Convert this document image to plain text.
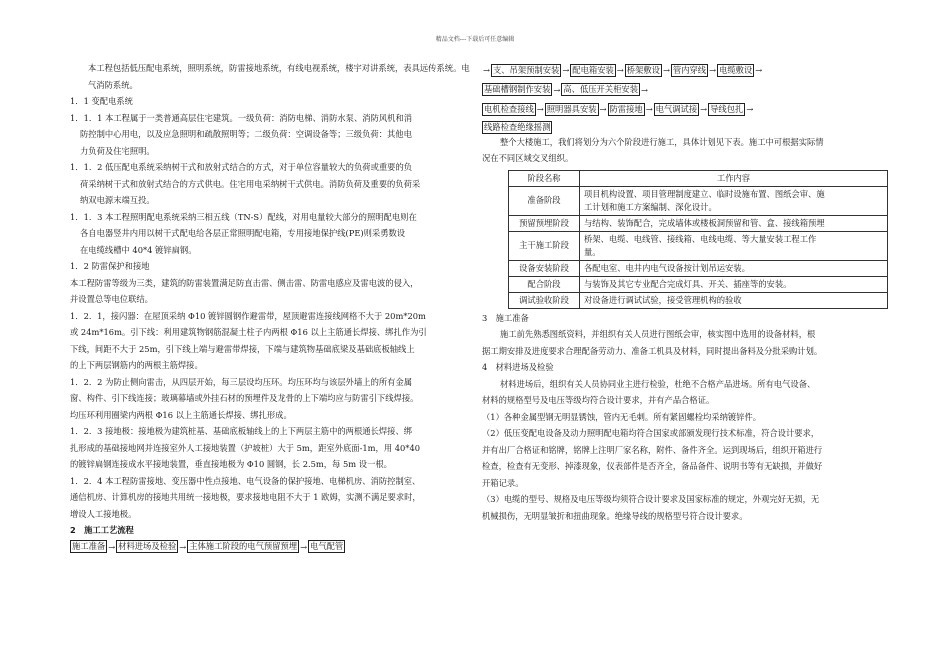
精品文档---下载后可任意编辑

本工程包括低压配电系统，照明系统，防雷接地系统，有线电视系统，楼宇对讲系统，表具远传系统。电气消防系统。

1．1 变配电系统

1．1．1 本工程属于一类普通高层住宅建筑。一级负荷：消防电梯、消防水泵、消防风机和消

防控制中心用电，以及应急照明和疏散照明等；二级负荷：空调设备等；三级负荷：其他电

力负荷及住宅照明。

1．1．2 低压配电系统采纳树干式和放射式结合的方式，对于单位容量较大的负荷或重要的负

荷采纳树干式和放射式结合的方式供电。住宅用电采纳树干式供电。消防负荷及重要的负荷采

纳双电源末端互投。

1．1．3 本工程照明配电系统采纳三相五线（TN-S）配线，对用电量较大部分的照明配电则在

各自电器竖井内用以树干式配电给各层正常照明配电箱，专用接地保护线(PE)则采勇数设

在电缆线槽中 40*4 镀锌扁钢。

1．2 防雷保护和接地

本工程防雷等级为三类，建筑的防雷装置满足防直击雷、侧击雷、防雷电感应及雷电波的侵入，

并设置总等电位联结。

1．2．1，接闪器：在屋顶采纳 Φ10 镀锌圆钢作避雷带，屋顶避雷连接线网格不大于 20m*20m

或 24m*16m。引下线：利用建筑物钢筋混凝土柱子内两根 Φ16 以上主筋通长焊接、绑扎作为引

下线，间距不大于 25m，引下线上端与避雷带焊接，下端与建筑物基础底梁及基础底板轴线上

的上下两层钢筋内的两根主筋焊接。

1．2．2 为防止侧向雷击，从四层开始，每三层设均压环。均压环均与该层外墙上的所有金属

窗、构件、引下线连接；玻璃幕墙或外挂石材的预埋件及龙骨的上下端均应与防雷引下线焊接。

均压环利用圈梁内两根 Φ16 以上主筋通长焊接、绑扎形成。

1．2．3 接地极：接地极为建筑桩基、基础底板轴线上的上下两层主筋中的两根通长焊接、绑

扎形成的基础接地网并连接室外人工接地装置（护坡桩）大于 5m，距室外底面-1m，用 40*40

的镀锌扁钢连接成水平接地装置，垂直接地极为 Φ10 圆钢，长 2.5m，每 5m 设一根。

1．2．4 本工程防雷接地、变压器中性点接地、电气设备的保护接地、电梯机房、消防控制室、

通信机房、计算机房的接地共用统一接地极，要求接地电阻不大于 1 欧姆，实测不满足要求时，

增设人工接地极。

2　施工工艺流程

施工准备 → 材料进场及检验 → 主体施工阶段的电气预留预埋 → 电气配管
→ 支、吊架预制安装 → 配电箱安装 → 桥架敷设 → 管内穿线 → 电缆敷设 →
基础槽钢制作安装 → 高、低压开关柜安装 →
电机检查接线 → 照明器具安装 → 防雷接地 → 电气调试接 → 导线包扎 →
线路检查绝缘摇测

整个大楼施工，我们将划分为六个阶段进行施工，具体计划见下表。施工中可根据实际情

况在不同区域交叉组织。

阶段名称	工作内容
准备阶段	项目机构设置、项目管理制度建立、临时设施布置、图纸会审、施
工计划和施工方案编制、深化设计。

预留预埋阶段	与结构、装饰配合，完成墙体或楼板洞预留和管、盒、接线箱预埋

主干施工阶段	桥架、电缆、电线管、接线箱、电线电缆、等大量安装工程工作
量。

设备安装阶段	各配电室、电井内电气设备按计划吊运安装。

配合阶段	与装饰及其它专业配合完成灯具、开关、插座等的安装。

调试验收阶段	对设备进行调试试验，接受管理机构的验收

3　施工准备

施工前先熟悉图纸资料，并组织有关人员进行图纸会审，核实图中选用的设备材料，根

据工期安排及进度要求合理配备劳动力、准备工机具及材料，同时提出备料及分批采购计划。

4　材料进场及检验

材料进场后，组织有关人员协同业主进行检验，杜绝不合格产品进场。所有电气设备、

材料的规格型号及电压等级均符合设计要求，并有产品合格证。

（1）各种金属型钢无明显锈蚀，管内无毛刺。所有紧固螺栓均采纳镀锌件。

（2）低压变配电设备及动力照明配电箱均符合国家或部颁发现行技术标准，符合设计要求，

并有出厂合格证和铭牌，铭牌上注明厂家名称，附件、备件齐全。运到现场后，组织开箱进行

检查，检查有无变形、掉漆现象，仪表部件是否齐全，备品备件、说明书等有无缺损，并做好

开箱记录。

（3）电缆的型号、规格及电压等级均须符合设计要求及国家标准的规定，外观完好无损，无

机械损伤，无明显皱折和扭曲现象。绝缘导线的规格型号符合设计要求。
